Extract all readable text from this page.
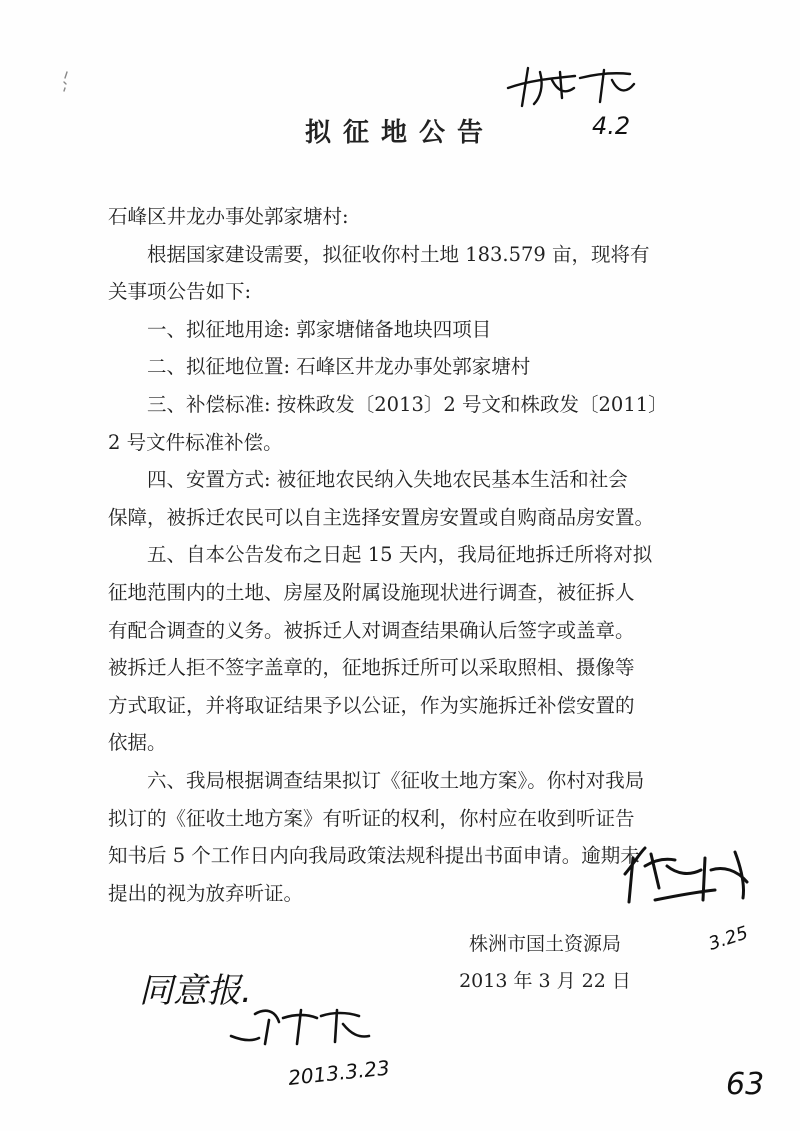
拟征地公告

石峰区井龙办事处郭家塘村:

根据国家建设需要，拟征收你村土地 183.579 亩，现将有

关事项公告如下:

一、拟征地用途: 郭家塘储备地块四项目

二、拟征地位置: 石峰区井龙办事处郭家塘村

三、补偿标准: 按株政发〔2013〕2 号文和株政发〔2011〕

2 号文件标准补偿。

四、安置方式: 被征地农民纳入失地农民基本生活和社会

保障，被拆迁农民可以自主选择安置房安置或自购商品房安置。

五、自本公告发布之日起 15 天内，我局征地拆迁所将对拟

征地范围内的土地、房屋及附属设施现状进行调查，被征拆人

有配合调查的义务。被拆迁人对调查结果确认后签字或盖章。

被拆迁人拒不签字盖章的，征地拆迁所可以采取照相、摄像等

方式取证，并将取证结果予以公证，作为实施拆迁补偿安置的

依据。

六、我局根据调查结果拟订《征收土地方案》。你村对我局

拟订的《征收土地方案》有听证的权利，你村应在收到听证告

知书后 5 个工作日内向我局政策法规科提出书面申请。逾期未

提出的视为放弃听证。

株洲市国土资源局
2013 年 3 月 22 日
4.2
3.25
同意报.
2013.3.23	63
